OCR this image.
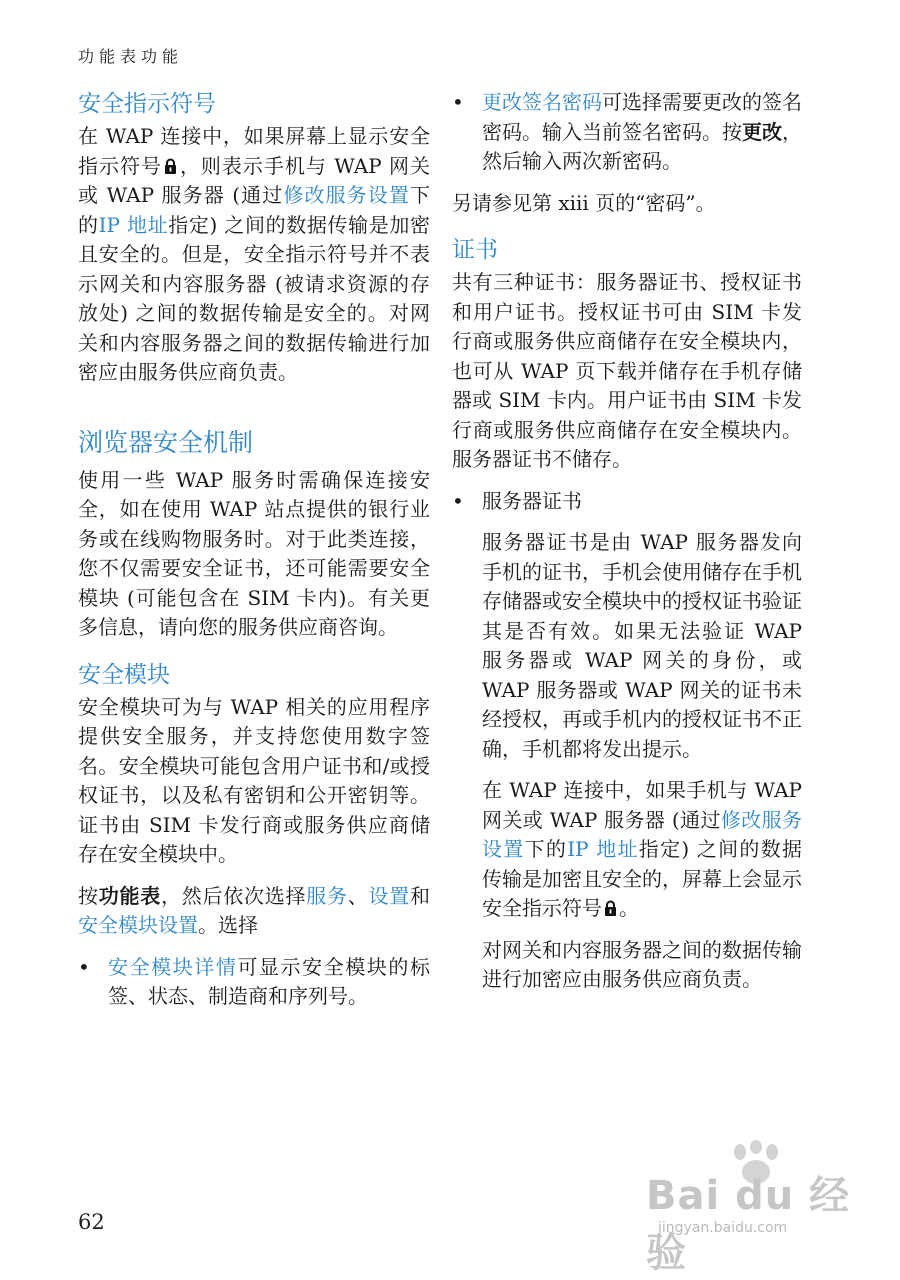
功能表功能
安全指示符号

在 WAP 连接中，如果屏幕上显示安全指示符号 ，则表示手机与 WAP 网关或 WAP 服务器 (通过修改服务设置下的IP 地址指定) 之间的数据传输是加密且安全的。但是，安全指示符号并不表示网关和内容服务器 (被请求资源的存放处) 之间的数据传输是安全的。对网关和内容服务器之间的数据传输进行加密应由服务供应商负责。

浏览器安全机制

使用一些 WAP 服务时需确保连接安全，如在使用 WAP 站点提供的银行业务或在线购物服务时。对于此类连接，您不仅需要安全证书，还可能需要安全模块 (可能包含在 SIM 卡内)。有关更多信息，请向您的服务供应商咨询。

安全模块

安全模块可为与 WAP 相关的应用程序提供安全服务，并支持您使用数字签名。安全模块可能包含用户证书和/或授权证书，以及私有密钥和公开密钥等。证书由 SIM 卡发行商或服务供应商储存在安全模块中。

按功能表，然后依次选择服务、设置和安全模块设置。选择

• 安全模块详情可显示安全模块的标签、状态、制造商和序列号。

• 更改签名密码可选择需要更改的签名密码。输入当前签名密码。按更改，然后输入两次新密码。

另请参见第 xiii 页的“密码”。

证书

共有三种证书：服务器证书、授权证书和用户证书。授权证书可由 SIM 卡发行商或服务供应商储存在安全模块内，也可从 WAP 页下载并储存在手机存储器或 SIM 卡内。用户证书由 SIM 卡发行商或服务供应商储存在安全模块内。服务器证书不储存。

• 服务器证书

服务器证书是由 WAP 服务器发向手机的证书，手机会使用储存在手机存储器或安全模块中的授权证书验证其是否有效。如果无法验证 WAP 服务器或 WAP 网关的身份，或 WAP 服务器或 WAP 网关的证书未经授权，再或手机内的授权证书不正确，手机都将发出提示。

在 WAP 连接中，如果手机与 WAP 网关或 WAP 服务器 (通过修改服务设置下的IP 地址指定) 之间的数据传输是加密且安全的，屏幕上会显示安全指示符号 。

对网关和内容服务器之间的数据传输进行加密应由服务供应商负责。

62
Bai du 经验
jingyan.baidu.com
